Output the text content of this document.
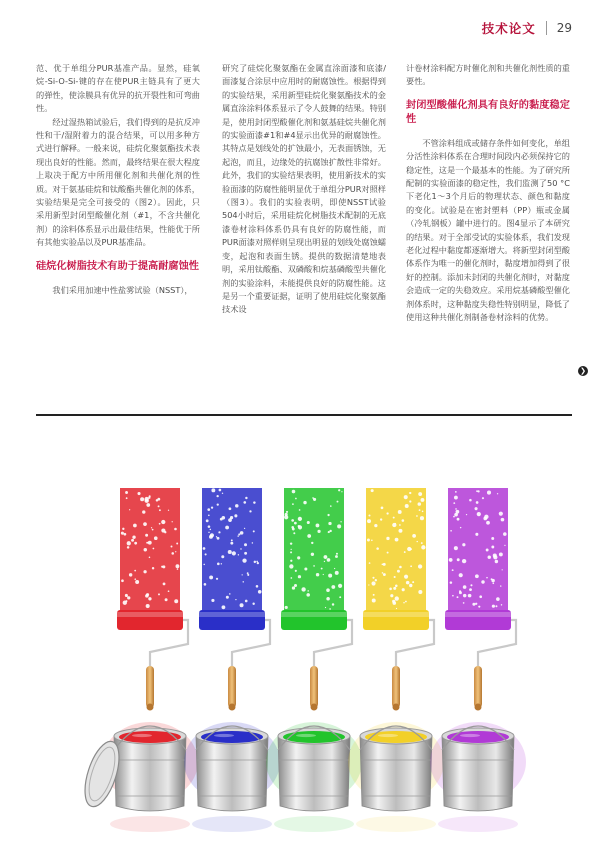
技术论文 29

范、优于单组分PUR基准产品。显然，硅氧烷-Si-O-Si-键的存在使PUR主链具有了更大的弹性，使涂膜具有优异的抗开裂性和可弯曲性。

经过湿热箱试验后，我们得到的是抗反冲性和干/湿附着力的混合结果，可以用多种方式进行解释。一般来说，硅烷化聚氨酯技术表现出良好的性能。然而，最终结果在很大程度上取决于配方中所用催化剂和共催化剂的性质。对于氨基硅烷和钛酸酯共催化剂的体系，实验结果是完全可接受的（图2）。因此，只采用新型封闭型酸催化剂（#1，不含共催化剂）的涂料体系显示出最佳结果，性能优于所有其他实验品以及PUR基准品。

硅烷化树脂技术有助于提高耐腐蚀性

我们采用加速中性盐雾试验（NSST），

研究了硅烷化聚氨酯在金属直涂面漆和底漆/面漆复合涂层中应用时的耐腐蚀性。根据得到的实验结果，采用新型硅烷化聚氨酯技术的金属直涂涂料体系显示了令人鼓舞的结果。特别是，使用封闭型酸催化剂和氨基硅烷共催化剂的实验面漆#1和#4显示出优异的耐腐蚀性。其特点是划线处的扩蚀最小，无表面锈蚀，无起泡，而且，边缘处的抗腐蚀扩散性非常好。此外，我们的实验结果表明，使用新技术的实验面漆的防腐性能明显优于单组分PUR对照样（图3）。我们的实验表明，即使NSST试验504小时后，采用硅烷化树脂技术配制的无底漆卷材涂料体系仍具有良好的防腐性能，而PUR面漆对照样则呈现出明显的划线处腐蚀蠕变，起泡和表面生锈。提供的数据清楚地表明，采用钛酸酯、双磷酸和烷基磷酸型共催化剂的实验涂料，未能提供良好的防腐性能。这是另一个重要证据，证明了使用硅烷化聚氨酯技术设

计卷材涂料配方时催化剂和共催化剂性质的重要性。

封闭型酸催化剂具有良好的黏度稳定性

不管涂料组成或储存条件如何变化，单组分活性涂料体系在合理时间段内必须保持它的稳定性，这是一个最基本的性能。为了研究所配制的实验面漆的稳定性，我们监测了50 °C下老化1～3个月后的物理状态、颜色和黏度的变化。试验是在密封塑料（PP）瓶或金属（冷轧钢板）罐中进行的。图4显示了本研究的结果。对于全部受试的实验体系，我们发现老化过程中黏度都逐渐增大。将新型封闭型酸体系作为唯一的催化剂时，黏度增加得到了很好的控制。添加未封闭的共催化剂时，对黏度会造成一定的失稳效应。采用烷基磷酸型催化剂体系时，这种黏度失稳性特别明显，降低了使用这种共催化剂制备卷材涂料的优势。

❯
